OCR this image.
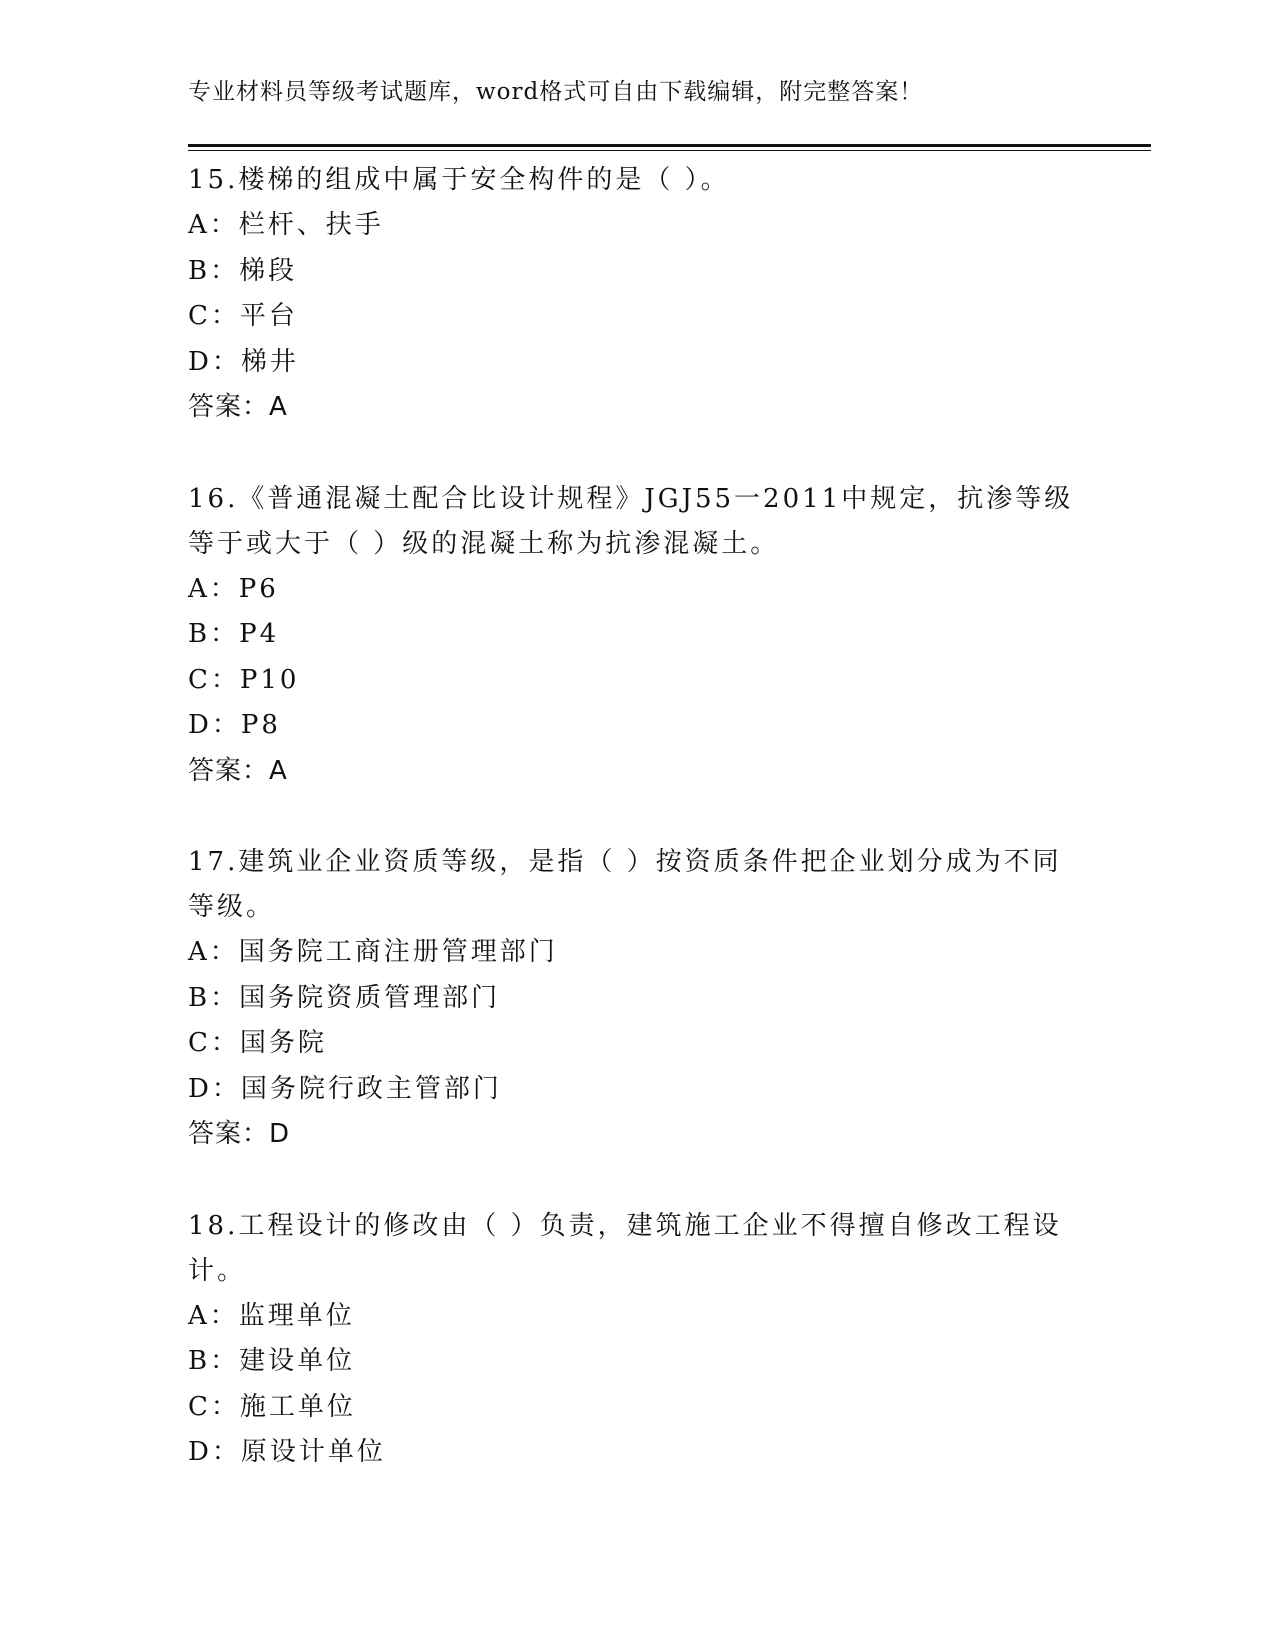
专业材料员等级考试题库，word格式可自由下载编辑，附完整答案！

15.楼梯的组成中属于安全构件的是（ ）。

A：栏杆、扶手

B：梯段

C：平台

D：梯井

答案：A

16.《普通混凝土配合比设计规程》JGJ55一2011中规定，抗渗等级等于或大于（ ）级的混凝土称为抗渗混凝土。

A：P6

B：P4

C：P10

D：P8

答案：A

17.建筑业企业资质等级，是指（ ）按资质条件把企业划分成为不同等级。

A：国务院工商注册管理部门

B：国务院资质管理部门

C：国务院

D：国务院行政主管部门

答案：D

18.工程设计的修改由（ ）负责，建筑施工企业不得擅自修改工程设计。

A：监理单位

B：建设单位

C：施工单位

D：原设计单位
